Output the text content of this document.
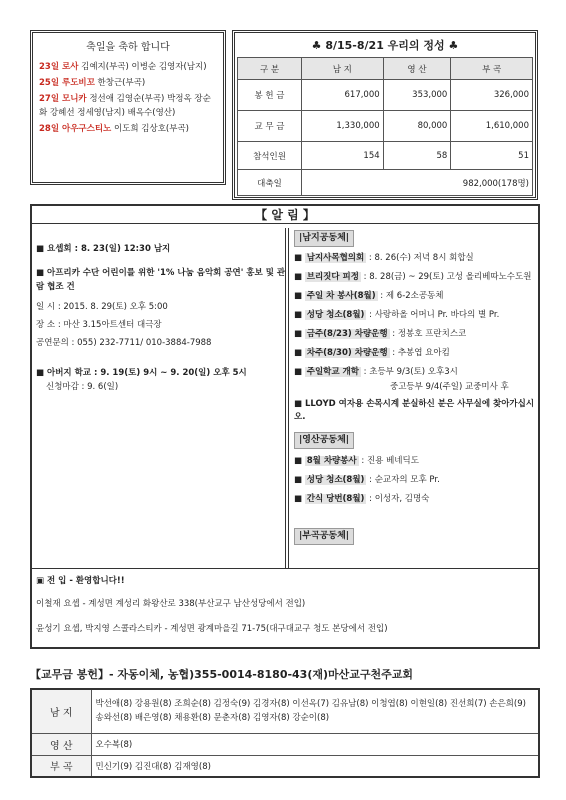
축일을 축하 합니다
23일 로사 김예지(부곡) 이병순 김영자(남지)
25일 루도비꼬 한창근(부곡)
27일 모니카 정선애 김영순(부곡) 박정옥 장순화 강혜선 정세영(남지) 배옥수(영산)
28일 아우구스티노 이도희 김상호(부곡)
♣ 8/15-8/21 우리의 정성 ♣
구 분	남 지	영 산	부 곡
봉 헌 금	617,000	353,000	326,000
교 무 금	1,330,000	80,000	1,610,000
참석인원	154	58	51
대축일	982,000(178명)		
【 알 림 】
■ 요셉회 : 8. 23(일) 12:30 남지
■ 아프리카 수단 어린이를 위한 '1% 나눔 음악회 공연' 홍보 및 관람 협조 건
일 시 : 2015. 8. 29(토) 오후 5:00
장 소 : 마산 3.15아트센터 대극장
공연문의 : 055) 232-7711/ 010-3884-7988
■ 아버지 학교 : 9. 19(토) 9시 ~ 9. 20(일) 오후 5시
신청마감 : 9. 6(일)
|남지공동체|
■ 남지사목협의회 : 8. 26(수) 저녁 8시 회합실
■ 브리짓다 피정 : 8. 28(금) ~ 29(토) 고성 올리베따노수도원
■ 주일 차 봉사(8월) : 제 6-2소공동체
■ 성당 청소(8월) : 사랑하올 어머니 Pr. 바다의 별 Pr.
■ 금주(8/23) 차량운행 : 정봉호 프란치스코
■ 차주(8/30) 차량운행 : 추봉엽 요아킴
■ 주일학교 개학 : 초등부 9/3(토) 오후3시
중고등부 9/4(주일) 교중미사 후
■ LLOYD 여자용 손목시계 분실하신 분은 사무실에 찾아가십시오.
|영산공동체|
■ 8월 차량봉사 : 진용 베네딕도
■ 성당 청소(8월) : 순교자의 모후 Pr.
■ 간식 당번(8월) : 이성자, 김명숙
|부곡공동체|
▣ 전 입 - 환영합니다!!
이철재 요셉 - 계성면 계성리 화왕산로 338(부산교구 남산성당에서 전입)
윤성기 요셉, 박지영 스콜라스티카 - 계성면 광계마을길 71-75(대구대교구 청도 본당에서 전입)
【교무금 봉헌】- 자동이체, 농협)355-0014-8180-43(재)마산교구천주교회
남 지	박선애(8) 강용원(8) 조희순(8) 김정숙(9) 김경자(8) 이선옥(7) 김유남(8) 이청엽(8) 이현일(8) 진선희(7) 손은희(9) 송와선(8) 배은영(8) 채용환(8) 문춘자(8) 김영자(8) 강순이(8)
영 산	오수복(8)
부 곡	민신기(9) 김진대(8) 김재영(8)
